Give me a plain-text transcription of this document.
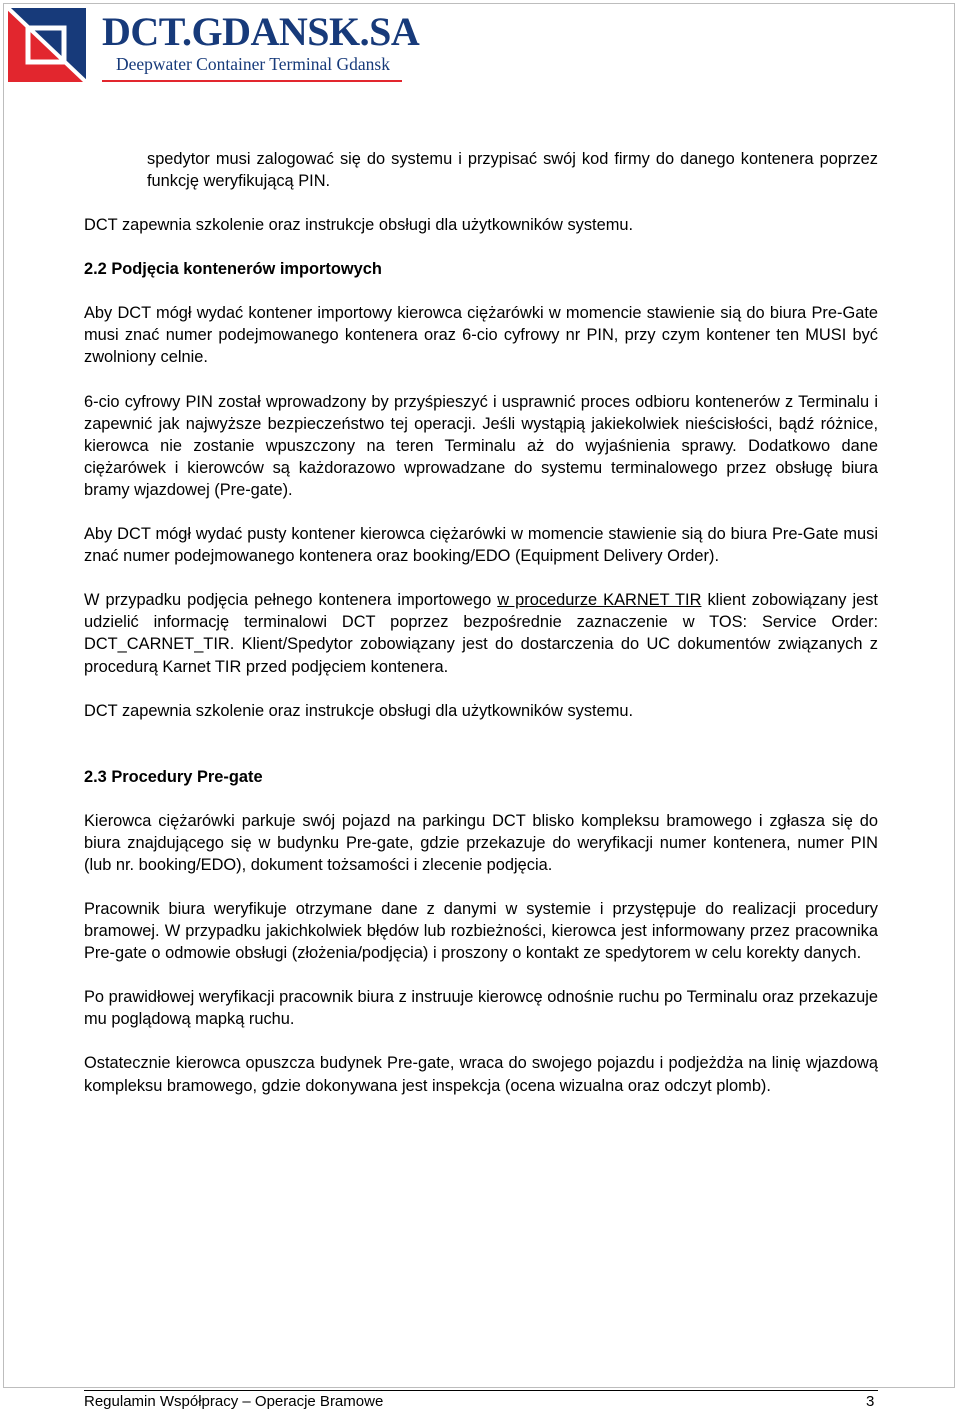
DCT.GDANSK.SA
Deepwater Container Terminal Gdansk

spedytor musi zalogować się do systemu i przypisać swój kod firmy do danego kontenera poprzez funkcję weryfikującą PIN.

DCT zapewnia szkolenie oraz instrukcje obsługi dla użytkowników systemu.

2.2 Podjęcia kontenerów importowych

Aby DCT mógł wydać kontener importowy kierowca ciężarówki w momencie stawienie sią do biura Pre-Gate musi znać numer podejmowanego kontenera oraz 6-cio cyfrowy nr PIN, przy czym kontener ten MUSI być zwolniony celnie.

6-cio cyfrowy PIN został wprowadzony by przyśpieszyć i usprawnić proces odbioru kontenerów z Terminalu i zapewnić jak najwyższe bezpieczeństwo tej operacji. Jeśli wystąpią jakiekolwiek nieścisłości, bądź różnice, kierowca nie zostanie wpuszczony na teren Terminalu aż do wyjaśnienia sprawy. Dodatkowo dane ciężarówek i kierowców są każdorazowo wprowadzane do systemu terminalowego przez obsługę biura bramy wjazdowej (Pre-gate).

Aby DCT mógł wydać pusty kontener kierowca ciężarówki w momencie stawienie sią do biura Pre-Gate musi znać numer podejmowanego kontenera oraz booking/EDO (Equipment Delivery Order).

W przypadku podjęcia pełnego kontenera importowego w procedurze KARNET TIR klient zobowiązany jest udzielić informację terminalowi DCT poprzez bezpośrednie zaznaczenie w TOS: Service Order: DCT_CARNET_TIR. Klient/Spedytor zobowiązany jest do dostarczenia do UC dokumentów związanych z procedurą Karnet TIR przed podjęciem kontenera.

DCT zapewnia szkolenie oraz instrukcje obsługi dla użytkowników systemu.

2.3 Procedury Pre-gate

Kierowca ciężarówki parkuje swój pojazd na parkingu DCT blisko kompleksu bramowego i zgłasza się do biura znajdującego się w budynku Pre-gate, gdzie przekazuje do weryfikacji numer kontenera, numer PIN (lub nr. booking/EDO), dokument tożsamości i zlecenie podjęcia.

Pracownik biura weryfikuje otrzymane dane z danymi w systemie i przystępuje do realizacji procedury bramowej. W przypadku jakichkolwiek błędów lub rozbieżności, kierowca jest informowany przez pracownika Pre-gate o odmowie obsługi (złożenia/podjęcia) i proszony o kontakt ze spedytorem w celu korekty danych.

Po prawidłowej weryfikacji pracownik biura z instruuje kierowcę odnośnie ruchu po Terminalu oraz przekazuje mu poglądową mapką ruchu.

Ostatecznie kierowca opuszcza budynek Pre-gate, wraca do swojego pojazdu i podjeżdża na linię wjazdową kompleksu bramowego, gdzie dokonywana jest inspekcja (ocena wizualna oraz odczyt plomb).

Regulamin Współpracy – Operacje Bramowe	3
